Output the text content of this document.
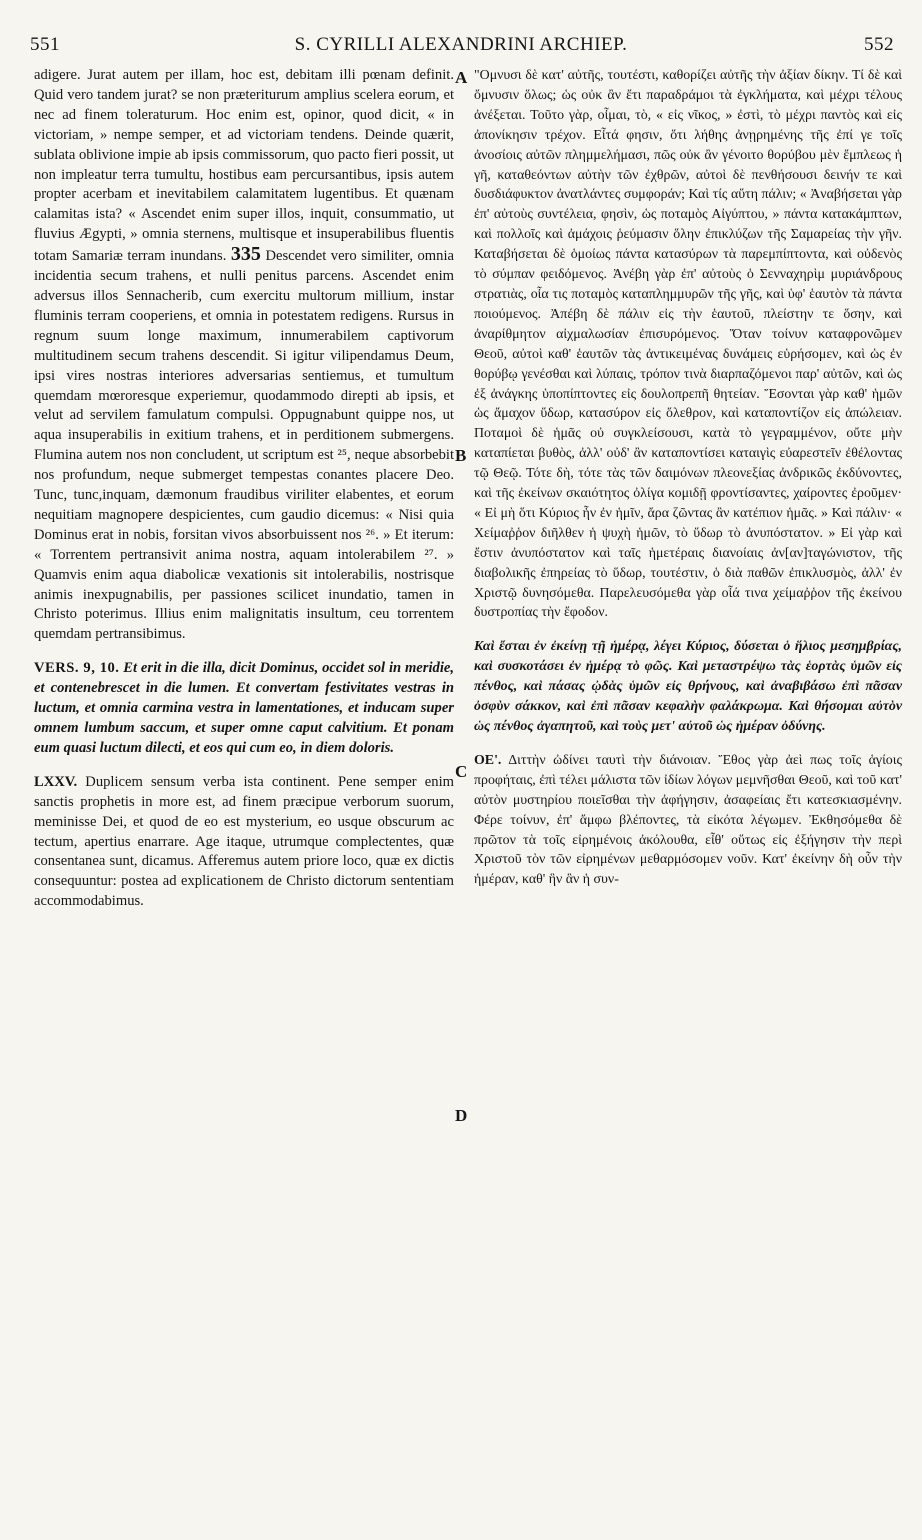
551	S. CYRILLI ALEXANDRINI ARCHIEP.	552

adigere. Jurat autem per illam, hoc est, debitam illi pœnam definit. Quid vero tandem jurat? se non præteriturum amplius scelera eorum, et nec ad finem toleraturum. Hoc enim est, opinor, quod dicit, « in victoriam, » nempe semper, et ad victoriam tendens. Deinde quærit, sublata oblivione impie ab ipsis commissorum, quo pacto fieri possit, ut non impleatur terra tumultu, hostibus eam percursantibus, ipsis autem propter acerbam et inevitabilem calamitatem lugentibus. Et quænam calamitas ista? « Ascendet enim super illos, inquit, consummatio, ut fluvius Ægypti, » omnia sternens, multisque et insuperabilibus fluentis totam Samariæ terram inundans. 335 Descendet vero similiter, omnia incidentia secum trahens, et nulli penitus parcens. Ascendet enim adversus illos Sennacherib, cum exercitu multorum millium, instar fluminis terram cooperiens, et omnia in potestatem redigens. Rursus in regnum suum longe maximum, innumerabilem captivorum multitudinem secum trahens descendit. Si igitur vilipendamus Deum, ipsi vires nostras interiores adversarias sentiemus, et tumultum quemdam mœroresque experiemur, quodammodo direpti ab ipsis, et velut ad servilem famulatum compulsi. Oppugnabunt quippe nos, ut aqua insuperabilis in exitium trahens, et in perditionem submergens. Flumina autem nos non concludent, ut scriptum est ²⁵, neque absorbebit nos profundum, neque submerget tempestas conantes placere Deo. Tunc, tunc,inquam, dæmonum fraudibus viriliter elabentes, et eorum nequitiam magnopere despicientes, cum gaudio dicemus: « Nisi quia Dominus erat in nobis, forsitan vivos absorbuissent nos ²⁶. » Et iterum: « Torrentem pertransivit anima nostra, aquam intolerabilem ²⁷. » Quamvis enim aqua diabolicæ vexationis sit intolerabilis, nostrisque animis inexpugnabilis, per passiones scilicet inundatio, tamen in Christo poterimus. Illius enim malignitatis insultum, ceu torrentem quemdam pertransibimus.

VERS. 9, 10. Et erit in die illa, dicit Dominus, occidet sol in meridie, et contenebrescet in die lumen. Et convertam festivitates vestras in luctum, et omnia carmina vestra in lamentationes, et inducam super omnem lumbum saccum, et super omne caput calvitium. Et ponam eum quasi luctum dilecti, et eos qui cum eo, in diem doloris.

LXXV. Duplicem sensum verba ista continent. Pene semper enim sanctis prophetis in more est, ad finem præcipue verborum suorum, meminisse Dei, et quod de eo est mysterium, eo usque obscurum ac tectum, apertius enarrare. Age itaque, utrumque complectentes, quæ consentanea sunt, dicamus. Afferemus autem priore loco, quæ ex dictis consequuntur: postea ad explicationem de Christo dictorum sententiam accommodabimus.

A
B
C
D

"Ομνυσι δὲ κατ' αὐτῆς, τουτέστι, καθορίζει αὐτῆς τὴν ἀξίαν δίκην. Τί δὲ καὶ ὄμνυσιν ὅλως; ὡς οὐκ ἂν ἔτι παραδράμοι τὰ ἐγκλήματα, καὶ μέχρι τέλους ἀνέξεται. Τοῦτο γὰρ, οἶμαι, τὸ, « εἰς νῖκος, » ἐστὶ, τὸ μέχρι παντὸς καὶ εἰς ἀπονίκησιν τρέχον. Εἶτά φησιν, ὅτι λήθης ἀνῃρημένης τῆς ἐπί γε τοῖς ἀνοσίοις αὐτῶν πλημμελήμασι, πῶς οὐκ ἂν γένοιτο θορύβου μὲν ἔμπλεως ἡ γῆ, καταθεόντων αὐτὴν τῶν ἐχθρῶν, αὐτοὶ δὲ πενθήσουσι δεινήν τε καὶ δυσδιάφυκτον ἀνατλάντες συμφοράν; Καὶ τίς αὕτη πάλιν; « Ἀναβήσεται γὰρ ἐπ' αὐτοὺς συντέλεια, φησὶν, ὡς ποταμὸς Αἰγύπτου, » πάντα κατακάμπτων, καὶ πολλοῖς καὶ ἀμάχοις ῥεύμασιν ὅλην ἐπικλύζων τῆς Σαμαρείας τὴν γῆν. Καταβήσεται δὲ ὁμοίως πάντα κατασύρων τὰ παρεμπίπτοντα, καὶ οὐδενὸς τὸ σύμπαν φειδόμενος. Ἀνέβη γὰρ ἐπ' αὐτοὺς ὁ Σενναχηρὶμ μυριάνδρους στρατιὰς, οἷα τις ποταμὸς καταπλημμυρῶν τῆς γῆς, καὶ ὑφ' ἑαυτὸν τὰ πάντα ποιούμενος. Ἀπέβη δὲ πάλιν εἰς τὴν ἑαυτοῦ, πλείστην τε ὅσην, καὶ ἀναρίθμητον αἰχμαλωσίαν ἐπισυρόμενος. Ὅταν τοίνυν καταφρονῶμεν Θεοῦ, αὐτοὶ καθ' ἑαυτῶν τὰς ἀντικειμένας δυνάμεις εὑρήσομεν, καὶ ὡς ἐν θορύβῳ γενέσθαι καὶ λύπαις, τρόπον τινὰ διαρπαζόμενοι παρ' αὐτῶν, καὶ ὡς ἐξ ἀνάγκης ὑποπίπτοντες εἰς δουλοπρεπῆ θητείαν. Ἔσονται γὰρ καθ' ἡμῶν ὡς ἄμαχον ὕδωρ, κατασύρον εἰς ὄλεθρον, καὶ καταποντίζον εἰς ἀπώλειαν. Ποταμοὶ δὲ ἡμᾶς οὐ συγκλείσουσι, κατὰ τὸ γεγραμμένον, οὔτε μὴν καταπίεται βυθὸς, ἀλλ' οὐδ' ἂν καταποντίσει καταιγὶς εὐαρεστεῖν ἐθέλοντας τῷ Θεῷ. Τότε δὴ, τότε τὰς τῶν δαιμόνων πλεονεξίας ἀνδρικῶς ἐκδύνοντες, καὶ τῆς ἐκείνων σκαιότητος ὀλίγα κομιδῇ φροντίσαντες, χαίροντες ἐροῦμεν· « Εἰ μὴ ὅτι Κύριος ἦν ἐν ἡμῖν, ἄρα ζῶντας ἂν κατέπιον ἡμᾶς. » Καὶ πάλιν· « Χείμαῤῥον διῆλθεν ἡ ψυχὴ ἡμῶν, τὸ ὕδωρ τὸ ἀνυπόστατον. » Εἰ γὰρ καὶ ἔστιν ἀνυπόστατον καὶ ταῖς ἡμετέραις διανοίαις ἀν[αν]ταγώνιστον, τῆς διαβολικῆς ἐπηρείας τὸ ὕδωρ, τουτέστιν, ὁ διὰ παθῶν ἐπικλυσμὸς, ἀλλ' ἐν Χριστῷ δυνησόμεθα. Παρελευσόμεθα γὰρ οἷά τινα χείμαῤῥον τῆς ἐκείνου δυστροπίας τὴν ἔφοδον.

Καὶ ἔσται ἐν ἐκείνῃ τῇ ἡμέρᾳ, λέγει Κύριος, δύσεται ὁ ἥλιος μεσημβρίας, καὶ συσκοτάσει ἐν ἡμέρᾳ τὸ φῶς. Καὶ μεταστρέψω τὰς ἑορτὰς ὑμῶν εἰς πένθος, καὶ πάσας ᾠδὰς ὑμῶν εἰς θρήνους, καὶ ἀναβιβάσω ἐπὶ πᾶσαν ὀσφὺν σάκκον, καὶ ἐπὶ πᾶσαν κεφαλὴν φαλάκρωμα. Καὶ θήσομαι αὐτὸν ὡς πένθος ἀγαπητοῦ, καὶ τοὺς μετ' αὐτοῦ ὡς ἡμέραν ὀδύνης.

ΟΕ'. Διττὴν ὠδίνει ταυτὶ τὴν διάνοιαν. Ἔθος γὰρ ἀεὶ πως τοῖς ἁγίοις προφήταις, ἐπὶ τέλει μάλιστα τῶν ἰδίων λόγων μεμνῆσθαι Θεοῦ, καὶ τοῦ κατ' αὐτὸν μυστηρίου ποιεῖσθαι τὴν ἀφήγησιν, ἀσαφείαις ἔτι κατεσκιασμένην. Φέρε τοίνυν, ἐπ' ἄμφω βλέποντες, τὰ εἰκότα λέγωμεν. Ἐκθησόμεθα δὲ πρῶτον τὰ τοῖς εἰρημένοις ἀκόλουθα, εἶθ' οὕτως εἰς ἐξήγησιν τὴν περὶ Χριστοῦ τὸν τῶν εἰρημένων μεθαρμόσομεν νοῦν. Κατ' ἐκείνην δὴ οὖν τὴν ἡμέραν, καθ' ἣν ἂν ἡ συν-
